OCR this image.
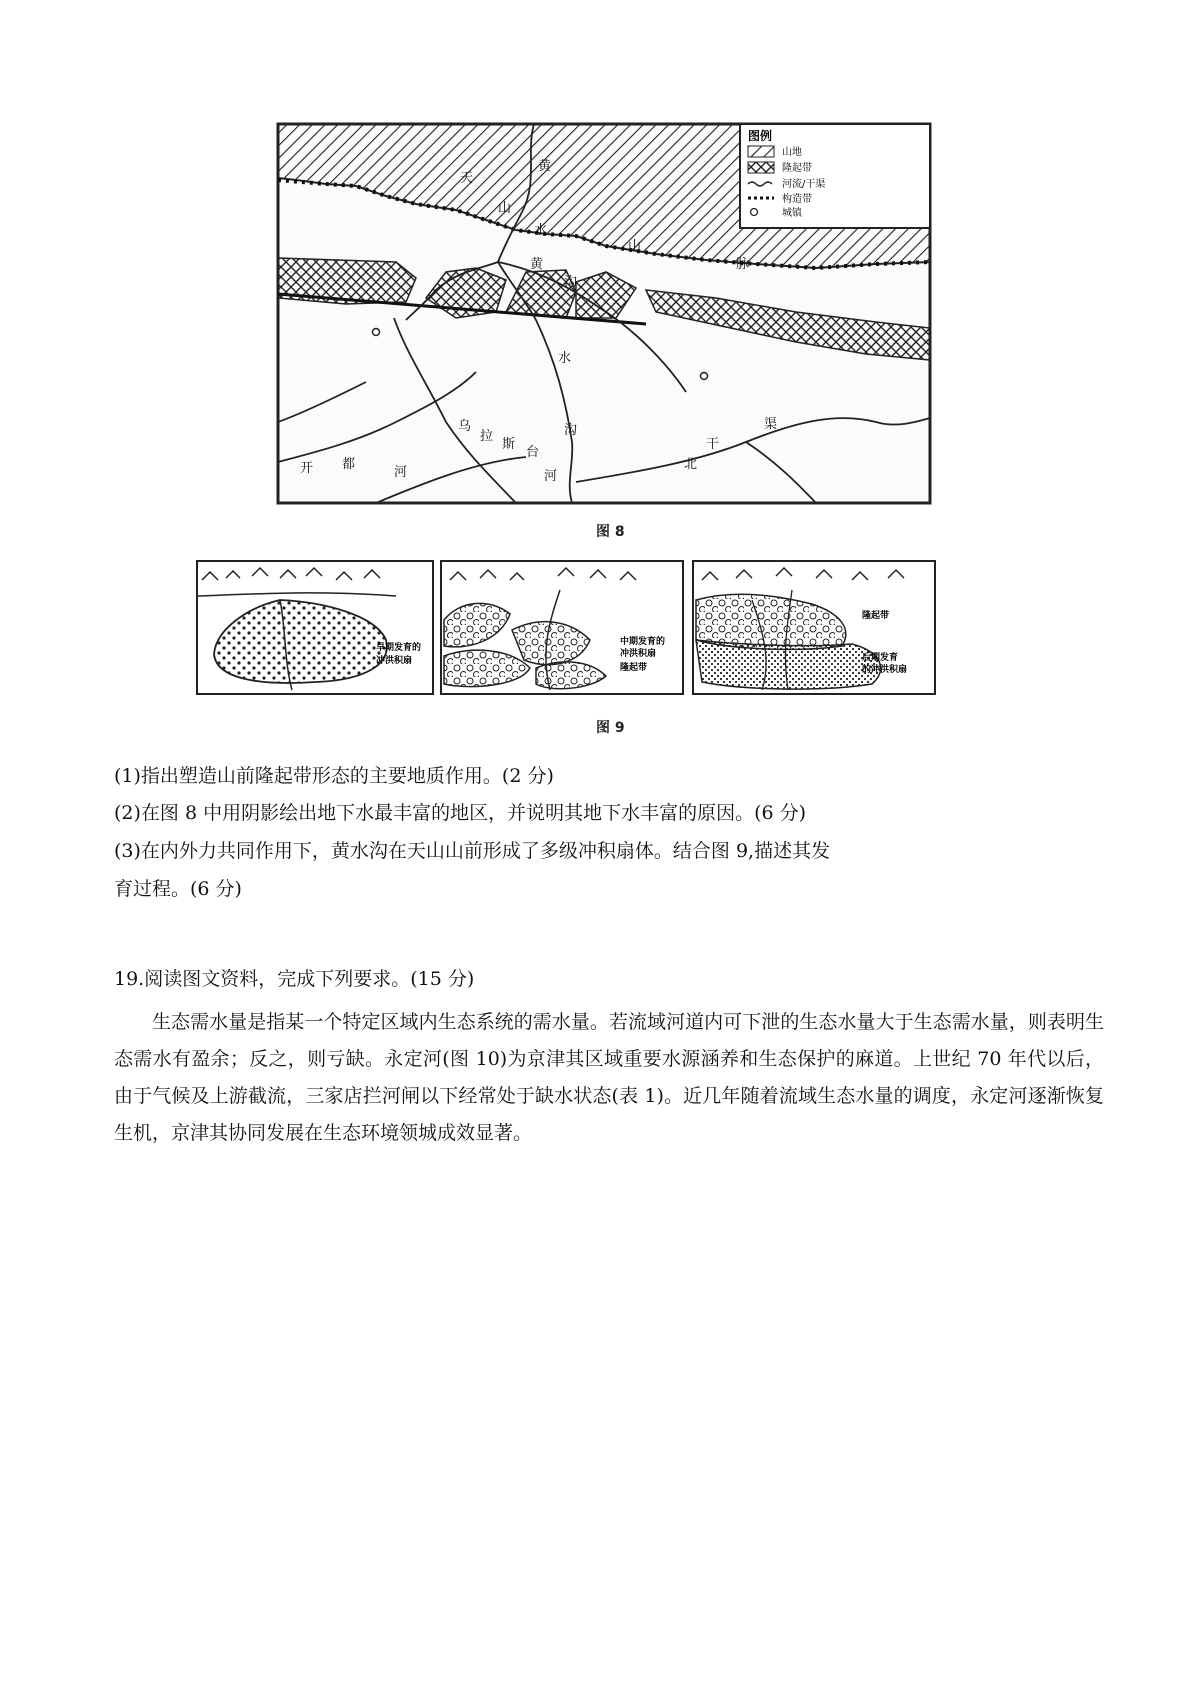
图例
山地
隆起带
河流/干渠
构造带
城镇
天
山
黄
水
山
脉
黄
沟
水
沟
乌
拉
斯
台
河
开 都
河
北
干
渠
图 8
早期发育的
冲洪积扇
中期发育的
冲洪积扇
隆起带
隆起带
后期发育
的冲洪积扇
图 9
(1)指出塑造山前隆起带形态的主要地质作用。(2 分)
(2)在图 8 中用阴影绘出地下水最丰富的地区，并说明其地下水丰富的原因。(6 分)
(3)在内外力共同作用下，黄水沟在天山山前形成了多级冲积扇体。结合图 9,描述其发
育过程。(6 分)
19.阅读图文资料，完成下列要求。(15 分)
生态需水量是指某一个特定区域内生态系统的需水量。若流域河道内可下泄的生态水量大于生态需水量，则表明生态需水有盈余；反之，则亏缺。永定河(图 10)为京津其区域重要水源涵养和生态保护的麻道。上世纪 70 年代以后，由于气候及上游截流，三家店拦河闸以下经常处于缺水状态(表 1)。近几年随着流域生态水量的调度，永定河逐渐恢复生机，京津其协同发展在生态环境领城成效显著。
